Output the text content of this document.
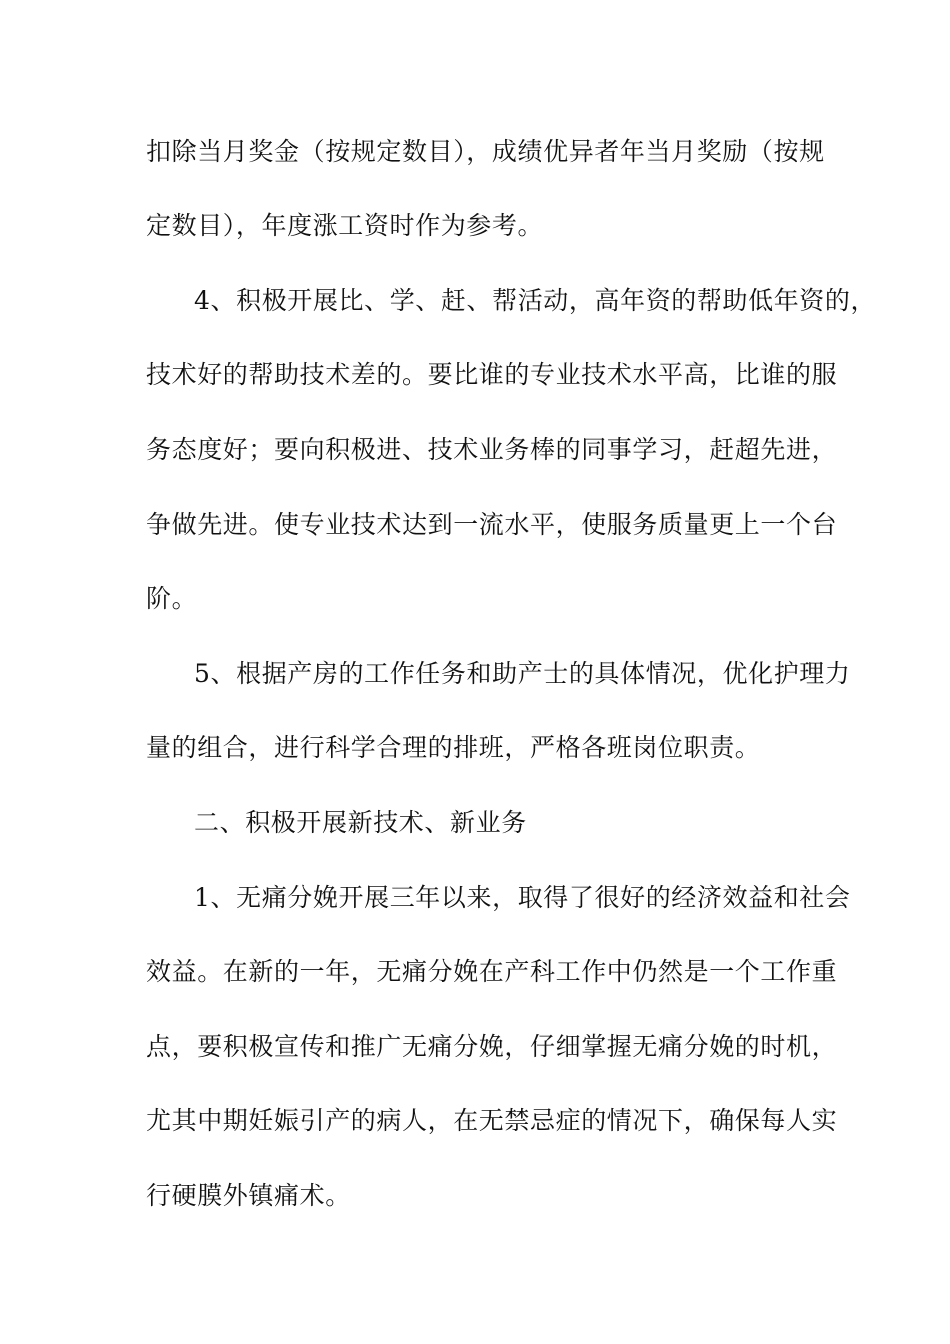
扣除当月奖金（按规定数目），成绩优异者年当月奖励（按规
定数目），年度涨工资时作为参考。
4、积极开展比、学、赶、帮活动，高年资的帮助低年资的，
技术好的帮助技术差的。要比谁的专业技术水平高，比谁的服
务态度好；要向积极进、技术业务棒的同事学习，赶超先进，
争做先进。使专业技术达到一流水平，使服务质量更上一个台
阶。
5、根据产房的工作任务和助产士的具体情况，优化护理力
量的组合，进行科学合理的排班，严格各班岗位职责。
二、积极开展新技术、新业务
1、无痛分娩开展三年以来，取得了很好的经济效益和社会
效益。在新的一年，无痛分娩在产科工作中仍然是一个工作重
点，要积极宣传和推广无痛分娩，仔细掌握无痛分娩的时机，
尤其中期妊娠引产的病人，在无禁忌症的情况下，确保每人实
行硬膜外镇痛术。
